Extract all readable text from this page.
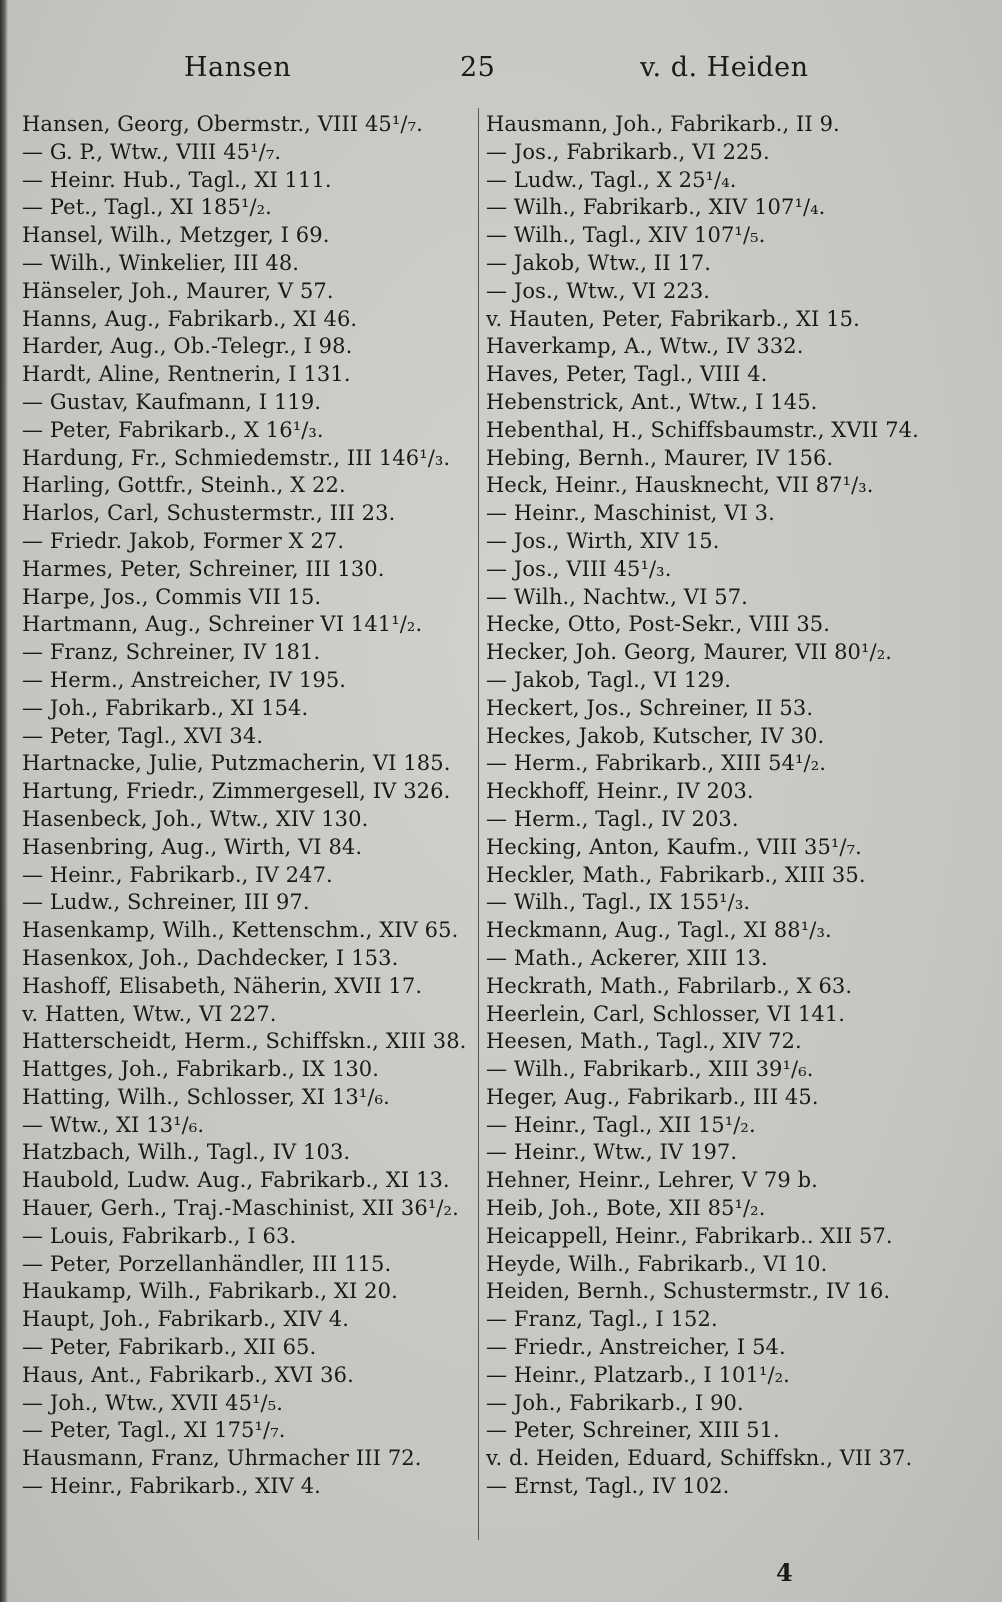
Hansen	25	v. d. Heiden
Hansen, Georg, Obermstr., VIII 45¹/₇.
— G. P., Wtw., VIII 45¹/₇.
— Heinr. Hub., Tagl., XI 111.
— Pet., Tagl., XI 185¹/₂.
Hansel, Wilh., Metzger, I 69.
— Wilh., Winkelier, III 48.
Hänseler, Joh., Maurer, V 57.
Hanns, Aug., Fabrikarb., XI 46.
Harder, Aug., Ob.-Telegr., I 98.
Hardt, Aline, Rentnerin, I 131.
— Gustav, Kaufmann, I 119.
— Peter, Fabrikarb., X 16¹/₃.
Hardung, Fr., Schmiedemstr., III 146¹/₃.
Harling, Gottfr., Steinh., X 22.
Harlos, Carl, Schustermstr., III 23.
— Friedr. Jakob, Former X 27.
Harmes, Peter, Schreiner, III 130.
Harpe, Jos., Commis VII 15.
Hartmann, Aug., Schreiner VI 141¹/₂.
— Franz, Schreiner, IV 181.
— Herm., Anstreicher, IV 195.
— Joh., Fabrikarb., XI 154.
— Peter, Tagl., XVI 34.
Hartnacke, Julie, Putzmacherin, VI 185.
Hartung, Friedr., Zimmergesell, IV 326.
Hasenbeck, Joh., Wtw., XIV 130.
Hasenbring, Aug., Wirth, VI 84.
— Heinr., Fabrikarb., IV 247.
— Ludw., Schreiner, III 97.
Hasenkamp, Wilh., Kettenschm., XIV 65.
Hasenkox, Joh., Dachdecker, I 153.
Hashoff, Elisabeth, Näherin, XVII 17.
v. Hatten, Wtw., VI 227.
Hatterscheidt, Herm., Schiffskn., XIII 38.
Hattges, Joh., Fabrikarb., IX 130.
Hatting, Wilh., Schlosser, XI 13¹/₆.
— Wtw., XI 13¹/₆.
Hatzbach, Wilh., Tagl., IV 103.
Haubold, Ludw. Aug., Fabrikarb., XI 13.
Hauer, Gerh., Traj.-Maschinist, XII 36¹/₂.
— Louis, Fabrikarb., I 63.
— Peter, Porzellanhändler, III 115.
Haukamp, Wilh., Fabrikarb., XI 20.
Haupt, Joh., Fabrikarb., XIV 4.
— Peter, Fabrikarb., XII 65.
Haus, Ant., Fabrikarb., XVI 36.
— Joh., Wtw., XVII 45¹/₅.
— Peter, Tagl., XI 175¹/₇.
Hausmann, Franz, Uhrmacher III 72.
— Heinr., Fabrikarb., XIV 4.
Hausmann, Joh., Fabrikarb., II 9.
— Jos., Fabrikarb., VI 225.
— Ludw., Tagl., X 25¹/₄.
— Wilh., Fabrikarb., XIV 107¹/₄.
— Wilh., Tagl., XIV 107¹/₅.
— Jakob, Wtw., II 17.
— Jos., Wtw., VI 223.
v. Hauten, Peter, Fabrikarb., XI 15.
Haverkamp, A., Wtw., IV 332.
Haves, Peter, Tagl., VIII 4.
Hebenstrick, Ant., Wtw., I 145.
Hebenthal, H., Schiffsbaumstr., XVII 74.
Hebing, Bernh., Maurer, IV 156.
Heck, Heinr., Hausknecht, VII 87¹/₃.
— Heinr., Maschinist, VI 3.
— Jos., Wirth, XIV 15.
— Jos., VIII 45¹/₃.
— Wilh., Nachtw., VI 57.
Hecke, Otto, Post-Sekr., VIII 35.
Hecker, Joh. Georg, Maurer, VII 80¹/₂.
— Jakob, Tagl., VI 129.
Heckert, Jos., Schreiner, II 53.
Heckes, Jakob, Kutscher, IV 30.
— Herm., Fabrikarb., XIII 54¹/₂.
Heckhoff, Heinr., IV 203.
— Herm., Tagl., IV 203.
Hecking, Anton, Kaufm., VIII 35¹/₇.
Heckler, Math., Fabrikarb., XIII 35.
— Wilh., Tagl., IX 155¹/₃.
Heckmann, Aug., Tagl., XI 88¹/₃.
— Math., Ackerer, XIII 13.
Heckrath, Math., Fabrilarb., X 63.
Heerlein, Carl, Schlosser, VI 141.
Heesen, Math., Tagl., XIV 72.
— Wilh., Fabrikarb., XIII 39¹/₆.
Heger, Aug., Fabrikarb., III 45.
— Heinr., Tagl., XII 15¹/₂.
— Heinr., Wtw., IV 197.
Hehner, Heinr., Lehrer, V 79 b.
Heib, Joh., Bote, XII 85¹/₂.
Heicappell, Heinr., Fabrikarb.. XII 57.
Heyde, Wilh., Fabrikarb., VI 10.
Heiden, Bernh., Schustermstr., IV 16.
— Franz, Tagl., I 152.
— Friedr., Anstreicher, I 54.
— Heinr., Platzarb., I 101¹/₂.
— Joh., Fabrikarb., I 90.
— Peter, Schreiner, XIII 51.
v. d. Heiden, Eduard, Schiffskn., VII 37.
— Ernst, Tagl., IV 102.
4
